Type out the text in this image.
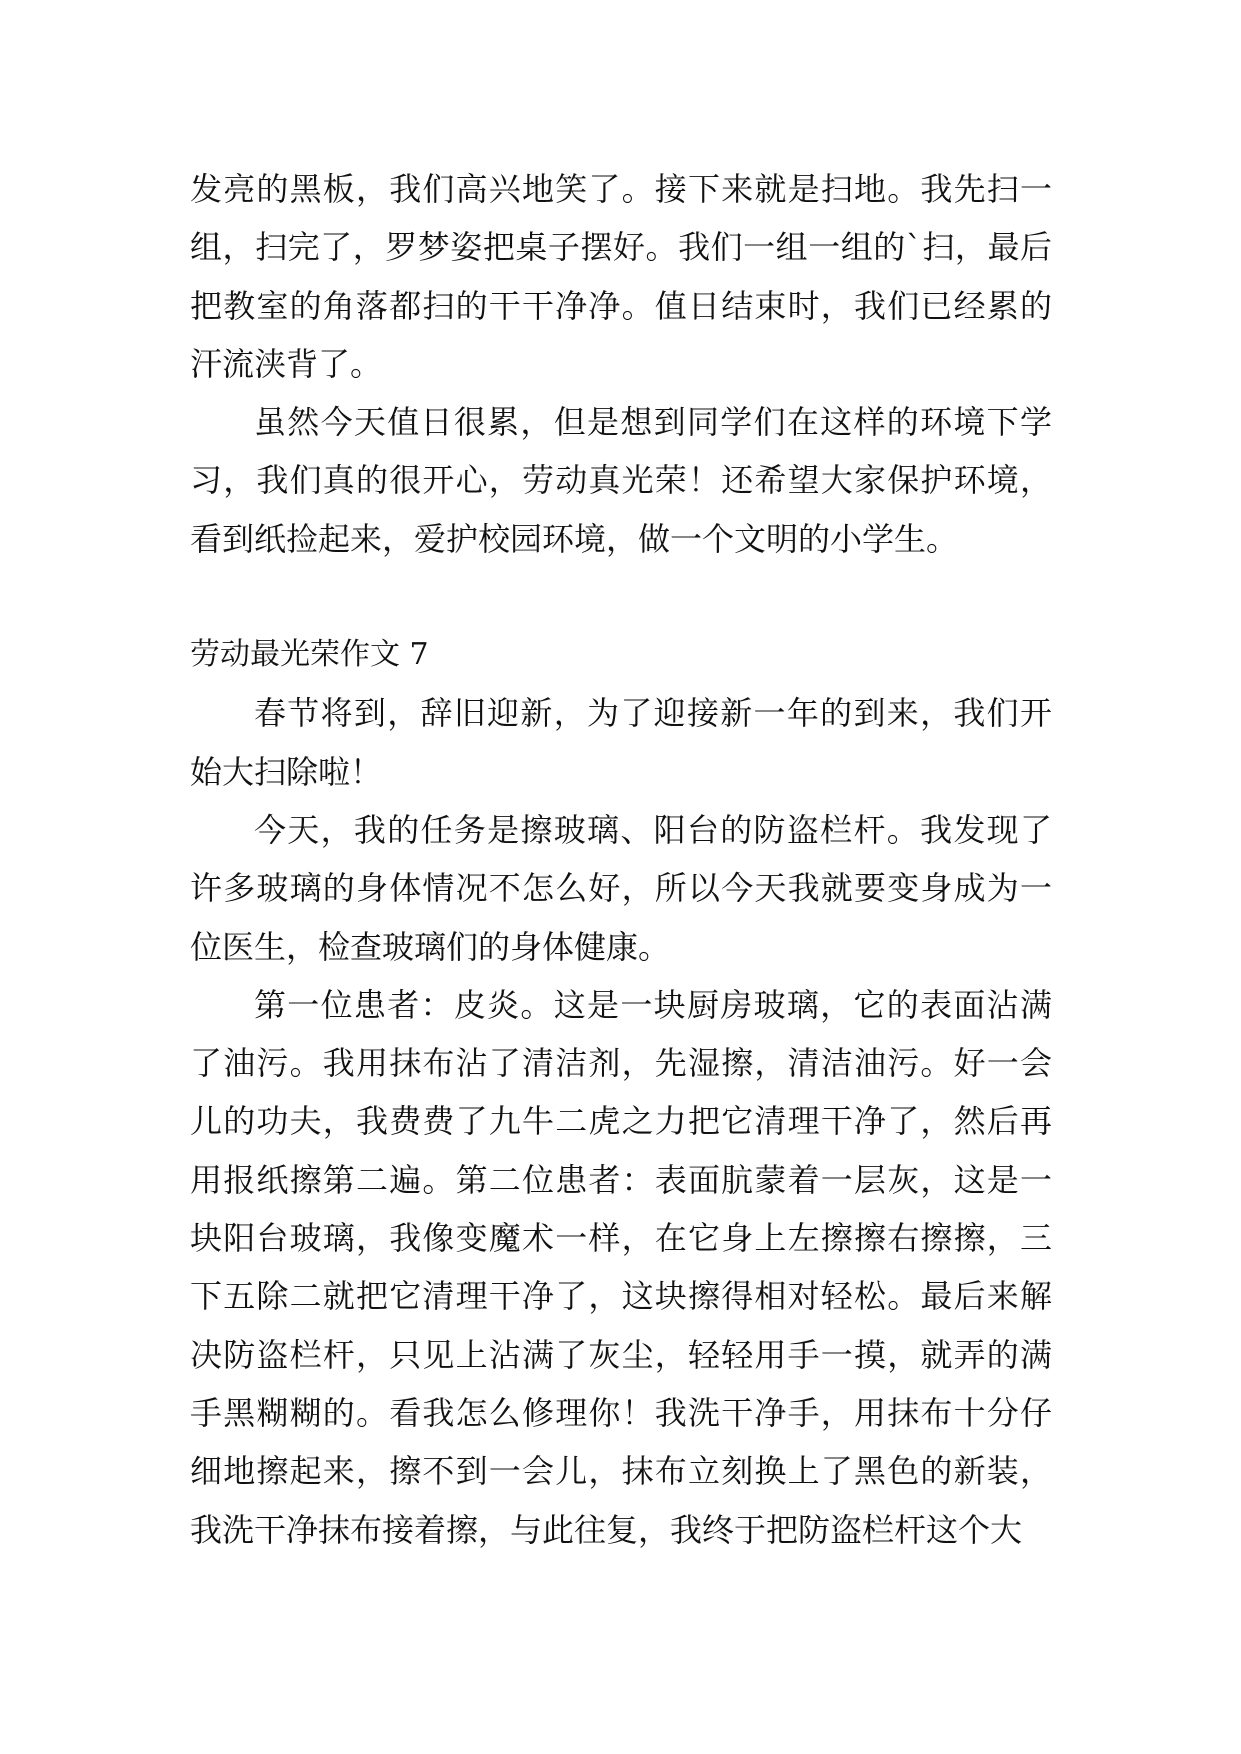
发亮的黑板，我们高兴地笑了。接下来就是扫地。我先扫一组，扫完了，罗梦姿把桌子摆好。我们一组一组的`扫，最后把教室的角落都扫的干干净净。值日结束时，我们已经累的汗流浃背了。

虽然今天值日很累，但是想到同学们在这样的环境下学习，我们真的很开心，劳动真光荣！还希望大家保护环境，看到纸捡起来，爱护校园环境，做一个文明的小学生。

劳动最光荣作文 7

春节将到，辞旧迎新，为了迎接新一年的到来，我们开始大扫除啦！

今天，我的任务是擦玻璃、阳台的防盗栏杆。我发现了许多玻璃的身体情况不怎么好，所以今天我就要变身成为一位医生，检查玻璃们的身体健康。

第一位患者：皮炎。这是一块厨房玻璃，它的表面沾满了油污。我用抹布沾了清洁剂，先湿擦，清洁油污。好一会儿的功夫，我费费了九牛二虎之力把它清理干净了，然后再用报纸擦第二遍。第二位患者：表面肮蒙着一层灰，这是一块阳台玻璃，我像变魔术一样，在它身上左擦擦右擦擦，三下五除二就把它清理干净了，这块擦得相对轻松。最后来解决防盗栏杆，只见上沾满了灰尘，轻轻用手一摸，就弄的满手黑糊糊的。看我怎么修理你！我洗干净手，用抹布十分仔细地擦起来，擦不到一会儿，抹布立刻换上了黑色的新装，我洗干净抹布接着擦，与此往复，我终于把防盗栏杆这个大
